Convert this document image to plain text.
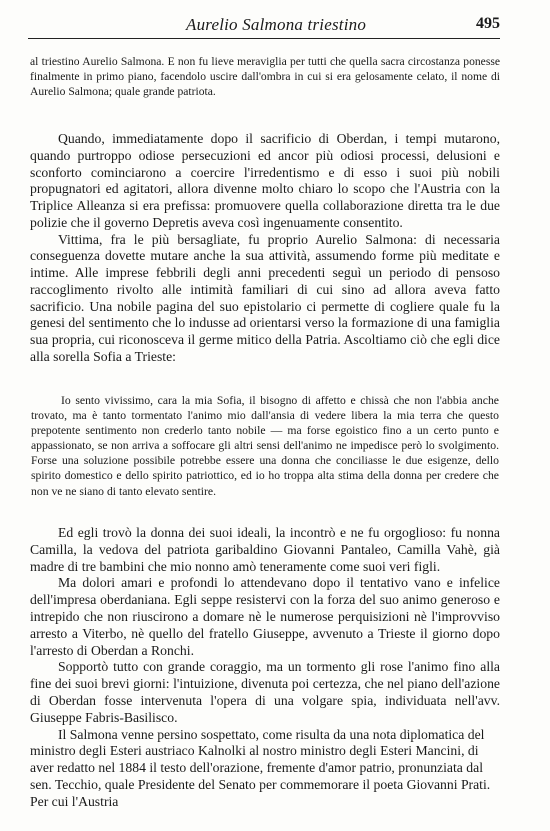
Aurelio Salmona triestino	495

al triestino Aurelio Salmona. E non fu lieve meraviglia per tutti che quella sacra circostanza ponesse finalmente in primo piano, facendolo uscire dall'ombra in cui si era gelosamente celato, il nome di Aurelio Salmona; quale grande patriota.

Quando, immediatamente dopo il sacrificio di Oberdan, i tempi mutarono, quando purtroppo odiose persecuzioni ed ancor più odiosi processi, delusioni e sconforto cominciarono a coercire l'irredentismo e di esso i suoi più nobili propugnatori ed agitatori, allora divenne molto chiaro lo scopo che l'Austria con la Triplice Alleanza si era prefissa: promuovere quella collaborazione diretta tra le due polizie che il governo Depretis aveva così ingenuamente consentito.

Vittima, fra le più bersagliate, fu proprio Aurelio Salmona: di necessaria conseguenza dovette mutare anche la sua attività, assumendo forme più meditate e intime. Alle imprese febbrili degli anni precedenti seguì un periodo di pensoso raccoglimento rivolto alle intimità familiari di cui sino ad allora aveva fatto sacrificio. Una nobile pagina del suo epistolario ci permette di cogliere quale fu la genesi del sentimento che lo indusse ad orientarsi verso la formazione di una famiglia sua propria, cui riconosceva il germe mitico della Patria. Ascoltiamo ciò che egli dice alla sorella Sofia a Trieste:

Io sento vivissimo, cara la mia Sofia, il bisogno di affetto e chissà che non l'abbia anche trovato, ma è tanto tormentato l'animo mio dall'ansia di vedere libera la mia terra che questo prepotente sentimento non crederlo tanto nobile — ma forse egoistico fino a un certo punto e appassionato, se non arriva a soffocare gli altri sensi dell'animo ne impedisce però lo svolgimento. Forse una soluzione possibile potrebbe essere una donna che conciliasse le due esigenze, dello spirito domestico e dello spirito patriottico, ed io ho troppa alta stima della donna per credere che non ve ne siano di tanto elevato sentire.

Ed egli trovò la donna dei suoi ideali, la incontrò e ne fu orgoglioso: fu nonna Camilla, la vedova del patriota garibaldino Giovanni Pantaleo, Camilla Vahè, già madre di tre bambini che mio nonno amò teneramente come suoi veri figli.

Ma dolori amari e profondi lo attendevano dopo il tentativo vano e infelice dell'impresa oberdaniana. Egli seppe resistervi con la forza del suo animo generoso e intrepido che non riuscirono a domare nè le numerose perquisizioni nè l'improvviso arresto a Viterbo, nè quello del fratello Giuseppe, avvenuto a Trieste il giorno dopo l'arresto di Oberdan a Ronchi.

Sopportò tutto con grande coraggio, ma un tormento gli rose l'animo fino alla fine dei suoi brevi giorni: l'intuizione, divenuta poi certezza, che nel piano dell'azione di Oberdan fosse intervenuta l'opera di una volgare spia, individuata nell'avv. Giuseppe Fabris-Basilisco.

Il Salmona venne persino sospettato, come risulta da una nota diplomatica del ministro degli Esteri austriaco Kalnolki al nostro ministro degli Esteri Mancini, di aver redatto nel 1884 il testo dell'orazione, fremente d'amor patrio, pronunziata dal sen. Tecchio, quale Presidente del Senato per commemorare il poeta Giovanni Prati. Per cui l'Austria
